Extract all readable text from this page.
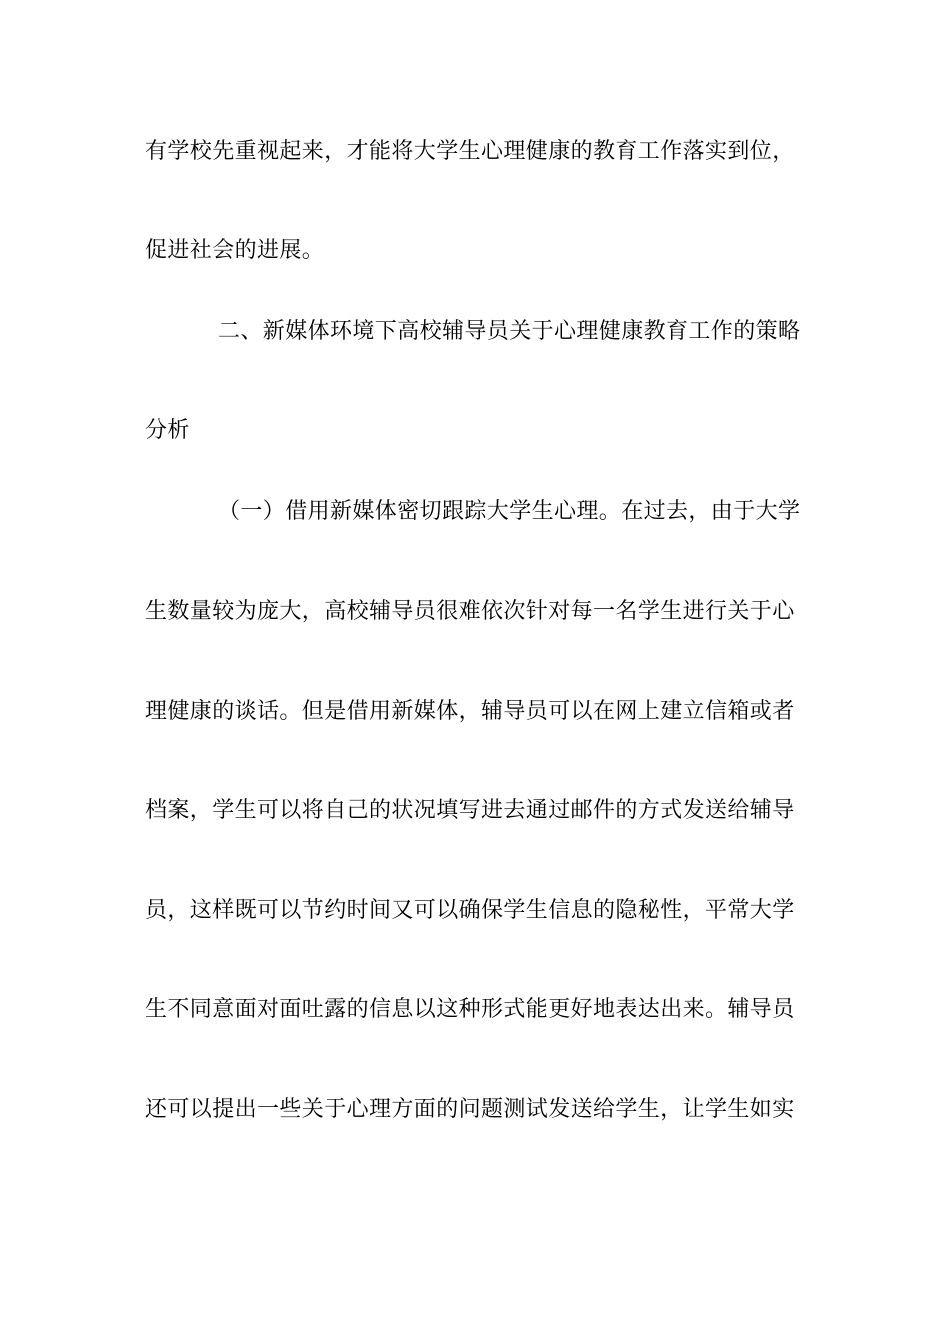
有学校先重视起来，才能将大学生心理健康的教育工作落实到位，
促进社会的进展。
二、新媒体环境下高校辅导员关于心理健康教育工作的策略
分析
（一）借用新媒体密切跟踪大学生心理。在过去，由于大学
生数量较为庞大，高校辅导员很难依次针对每一名学生进行关于心
理健康的谈话。但是借用新媒体，辅导员可以在网上建立信箱或者
档案，学生可以将自己的状况填写进去通过邮件的方式发送给辅导
员，这样既可以节约时间又可以确保学生信息的隐秘性，平常大学
生不同意面对面吐露的信息以这种形式能更好地表达出来。辅导员
还可以提出一些关于心理方面的问题测试发送给学生，让学生如实
